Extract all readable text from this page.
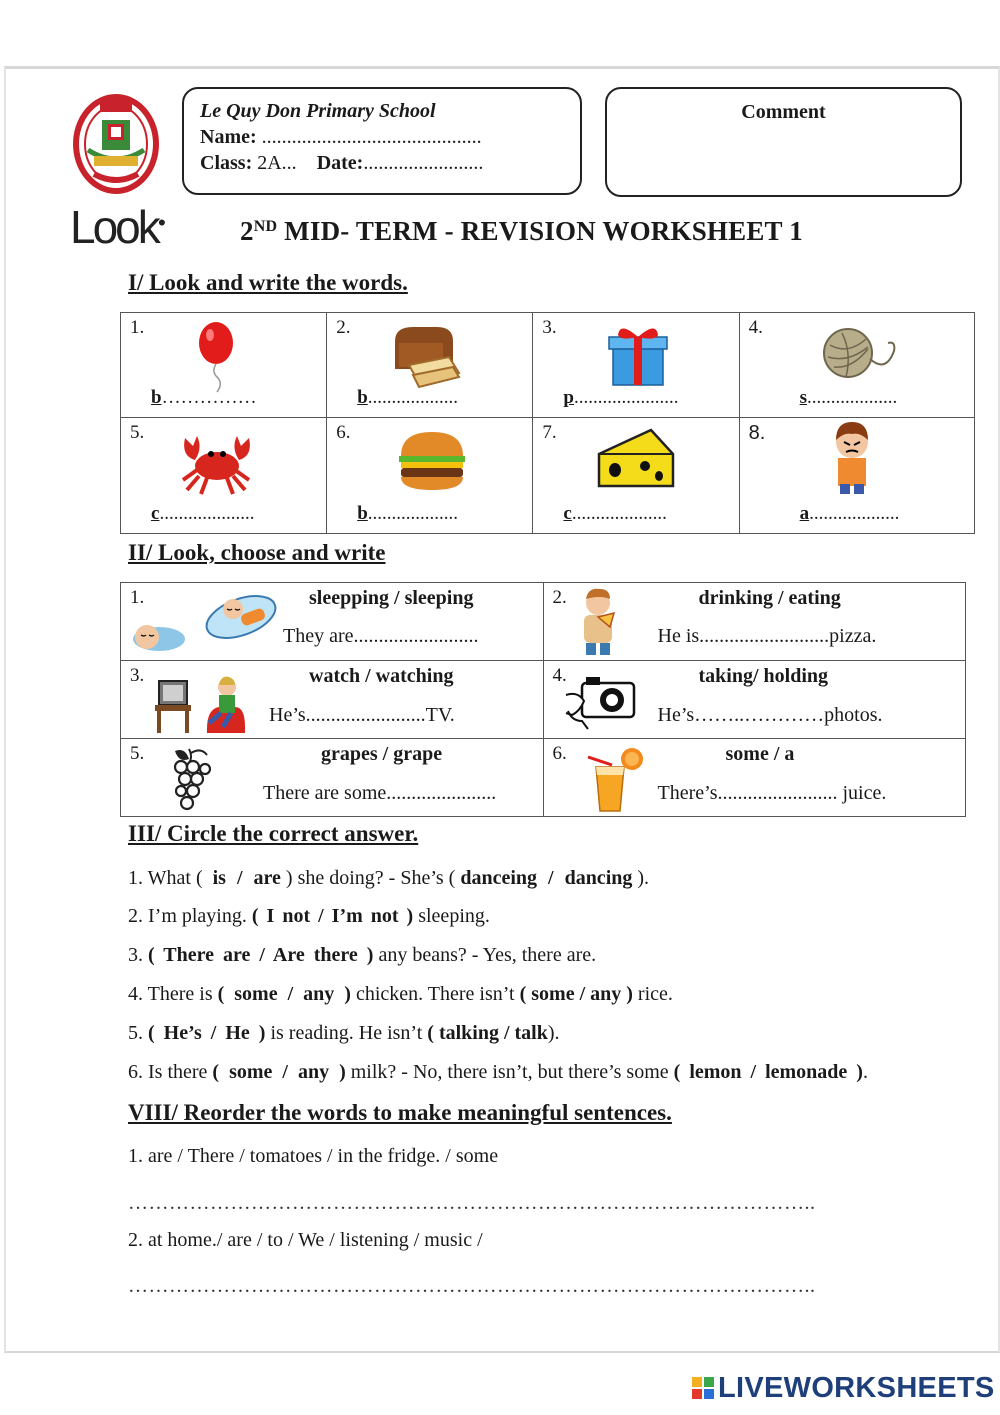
Le Quy Don Primary School
Name: ............................................
Class: 2A... Date:........................
Comment
Look●	2ND MID- TERM - REVISION WORKSHEET 1
I/ Look and write the words.
1.
b……………	2.
b...................	3.
p......................	4.
s...................

5.
c....................	6.
b...................	7.
c....................	8.
a...................
II/ Look, choose and write
1. sleepping / sleeping
They are.........................	2. drinking / eating
He is..........................pizza.

3. watch / watching
He’s........................TV.	4. taking/ holding
He’s……..…………photos.

5. grapes / grape
There are some......................	6. some / a
There’s........................ juice.
III/ Circle the correct answer.
1. What ( is / are ) she doing? - She’s ( danceing / dancing ).
2. I’m playing. ( I not / I’m not ) sleeping.
3. ( There are / Are there ) any beans? - Yes, there are.
4. There is ( some / any ) chicken. There isn’t ( some / any ) rice.
5. ( He’s / He ) is reading. He isn’t ( talking / talk).
6. Is there ( some / any ) milk? - No, there isn’t, but there’s some ( lemon / lemonade ).
VIII/ Reorder the words to make meaningful sentences.
1. are / There / tomatoes / in the fridge. / some
………………………………………………………………………………………..
2. at home./ are / to / We / listening / music /
………………………………………………………………………………………..
LIVEWORKSHEETS
